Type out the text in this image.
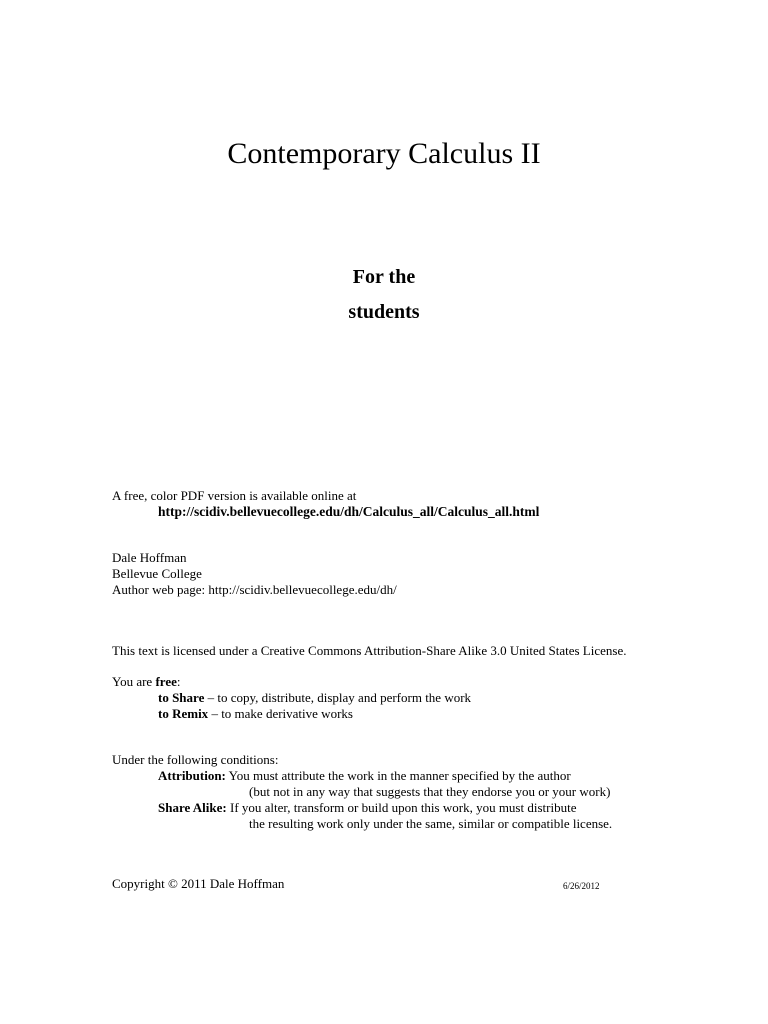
Contemporary Calculus II
For the
students
A free, color PDF version is available online at
http://scidiv.bellevuecollege.edu/dh/Calculus_all/Calculus_all.html
Dale Hoffman
Bellevue College
Author web page: http://scidiv.bellevuecollege.edu/dh/
This text is licensed under a Creative Commons Attribution-Share Alike 3.0 United States License.
You are free:
to Share – to copy, distribute, display and perform the work
to Remix – to make derivative works
Under the following conditions:
Attribution: You must attribute the work in the manner specified by the author
(but not in any way that suggests that they endorse you or your work)
Share Alike: If you alter, transform or build upon this work, you must distribute
the resulting work only under the same, similar or compatible license.
Copyright © 2011 Dale Hoffman	6/26/2012
